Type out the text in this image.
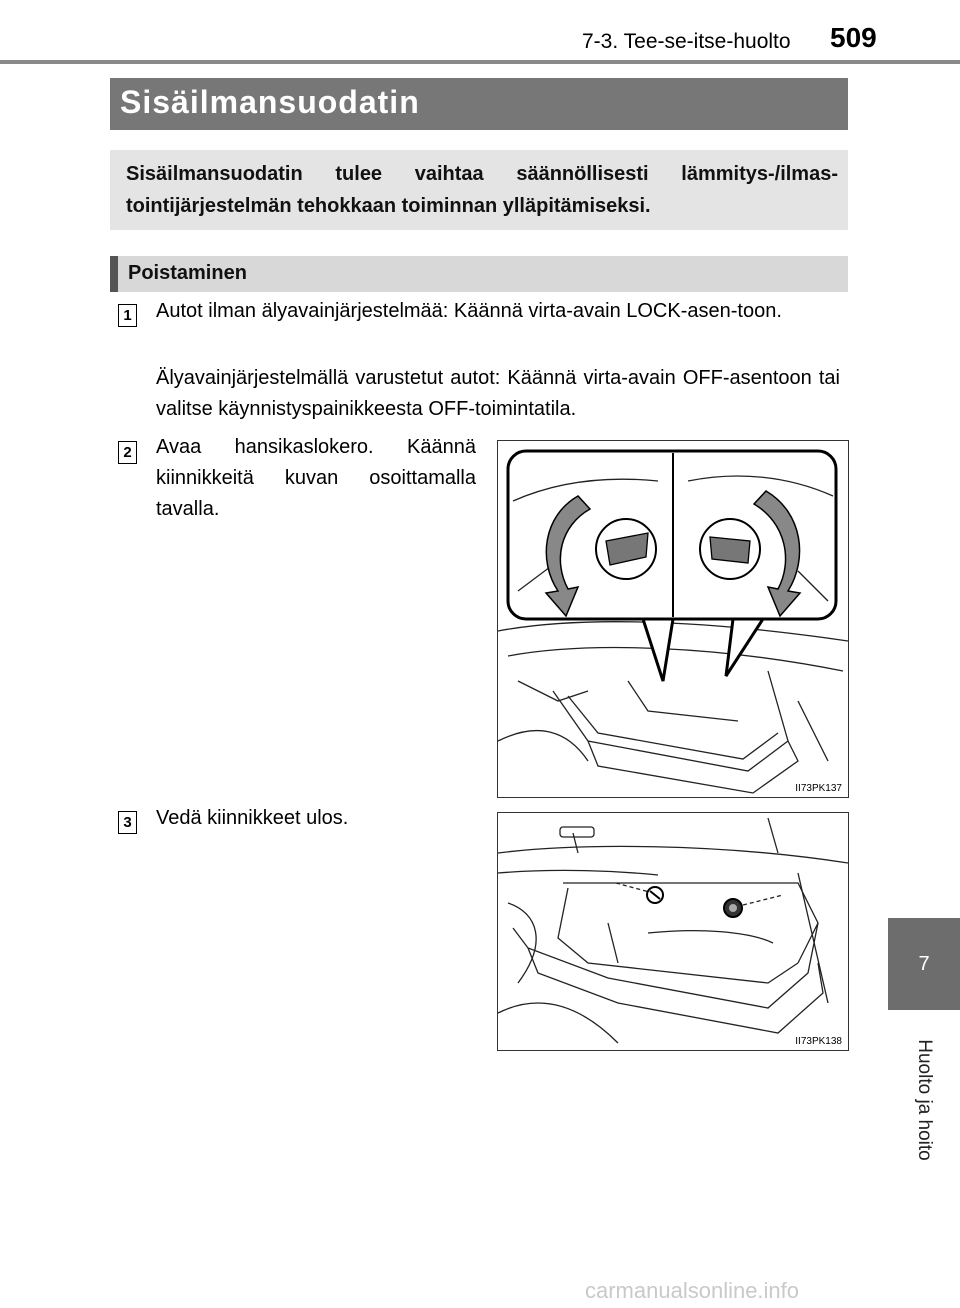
7-3. Tee-se-itse-huolto 509
7
Huolto ja hoito
Sisäilmansuodatin

Sisäilmansuodatin tulee vaihtaa säännöllisesti lämmitys-/ilmas-tointijärjestelmän tehokkaan toiminnan ylläpitämiseksi.

Poistaminen
1 Autot ilman älyavainjärjestelmää: Käännä virta-avain LOCK-asen-toon.

Älyavainjärjestelmällä varustetut autot: Käännä virta-avain OFF-asentoon tai valitse käynnistyspainikkeesta OFF-toimintatila.

2 Avaa hansikaslokero. Käännä kiinnikkeitä kuvan osoittamalla tavalla.

II73PK137
3 Vedä kiinnikkeet ulos.

II73PK138
carmanualsonline.info
